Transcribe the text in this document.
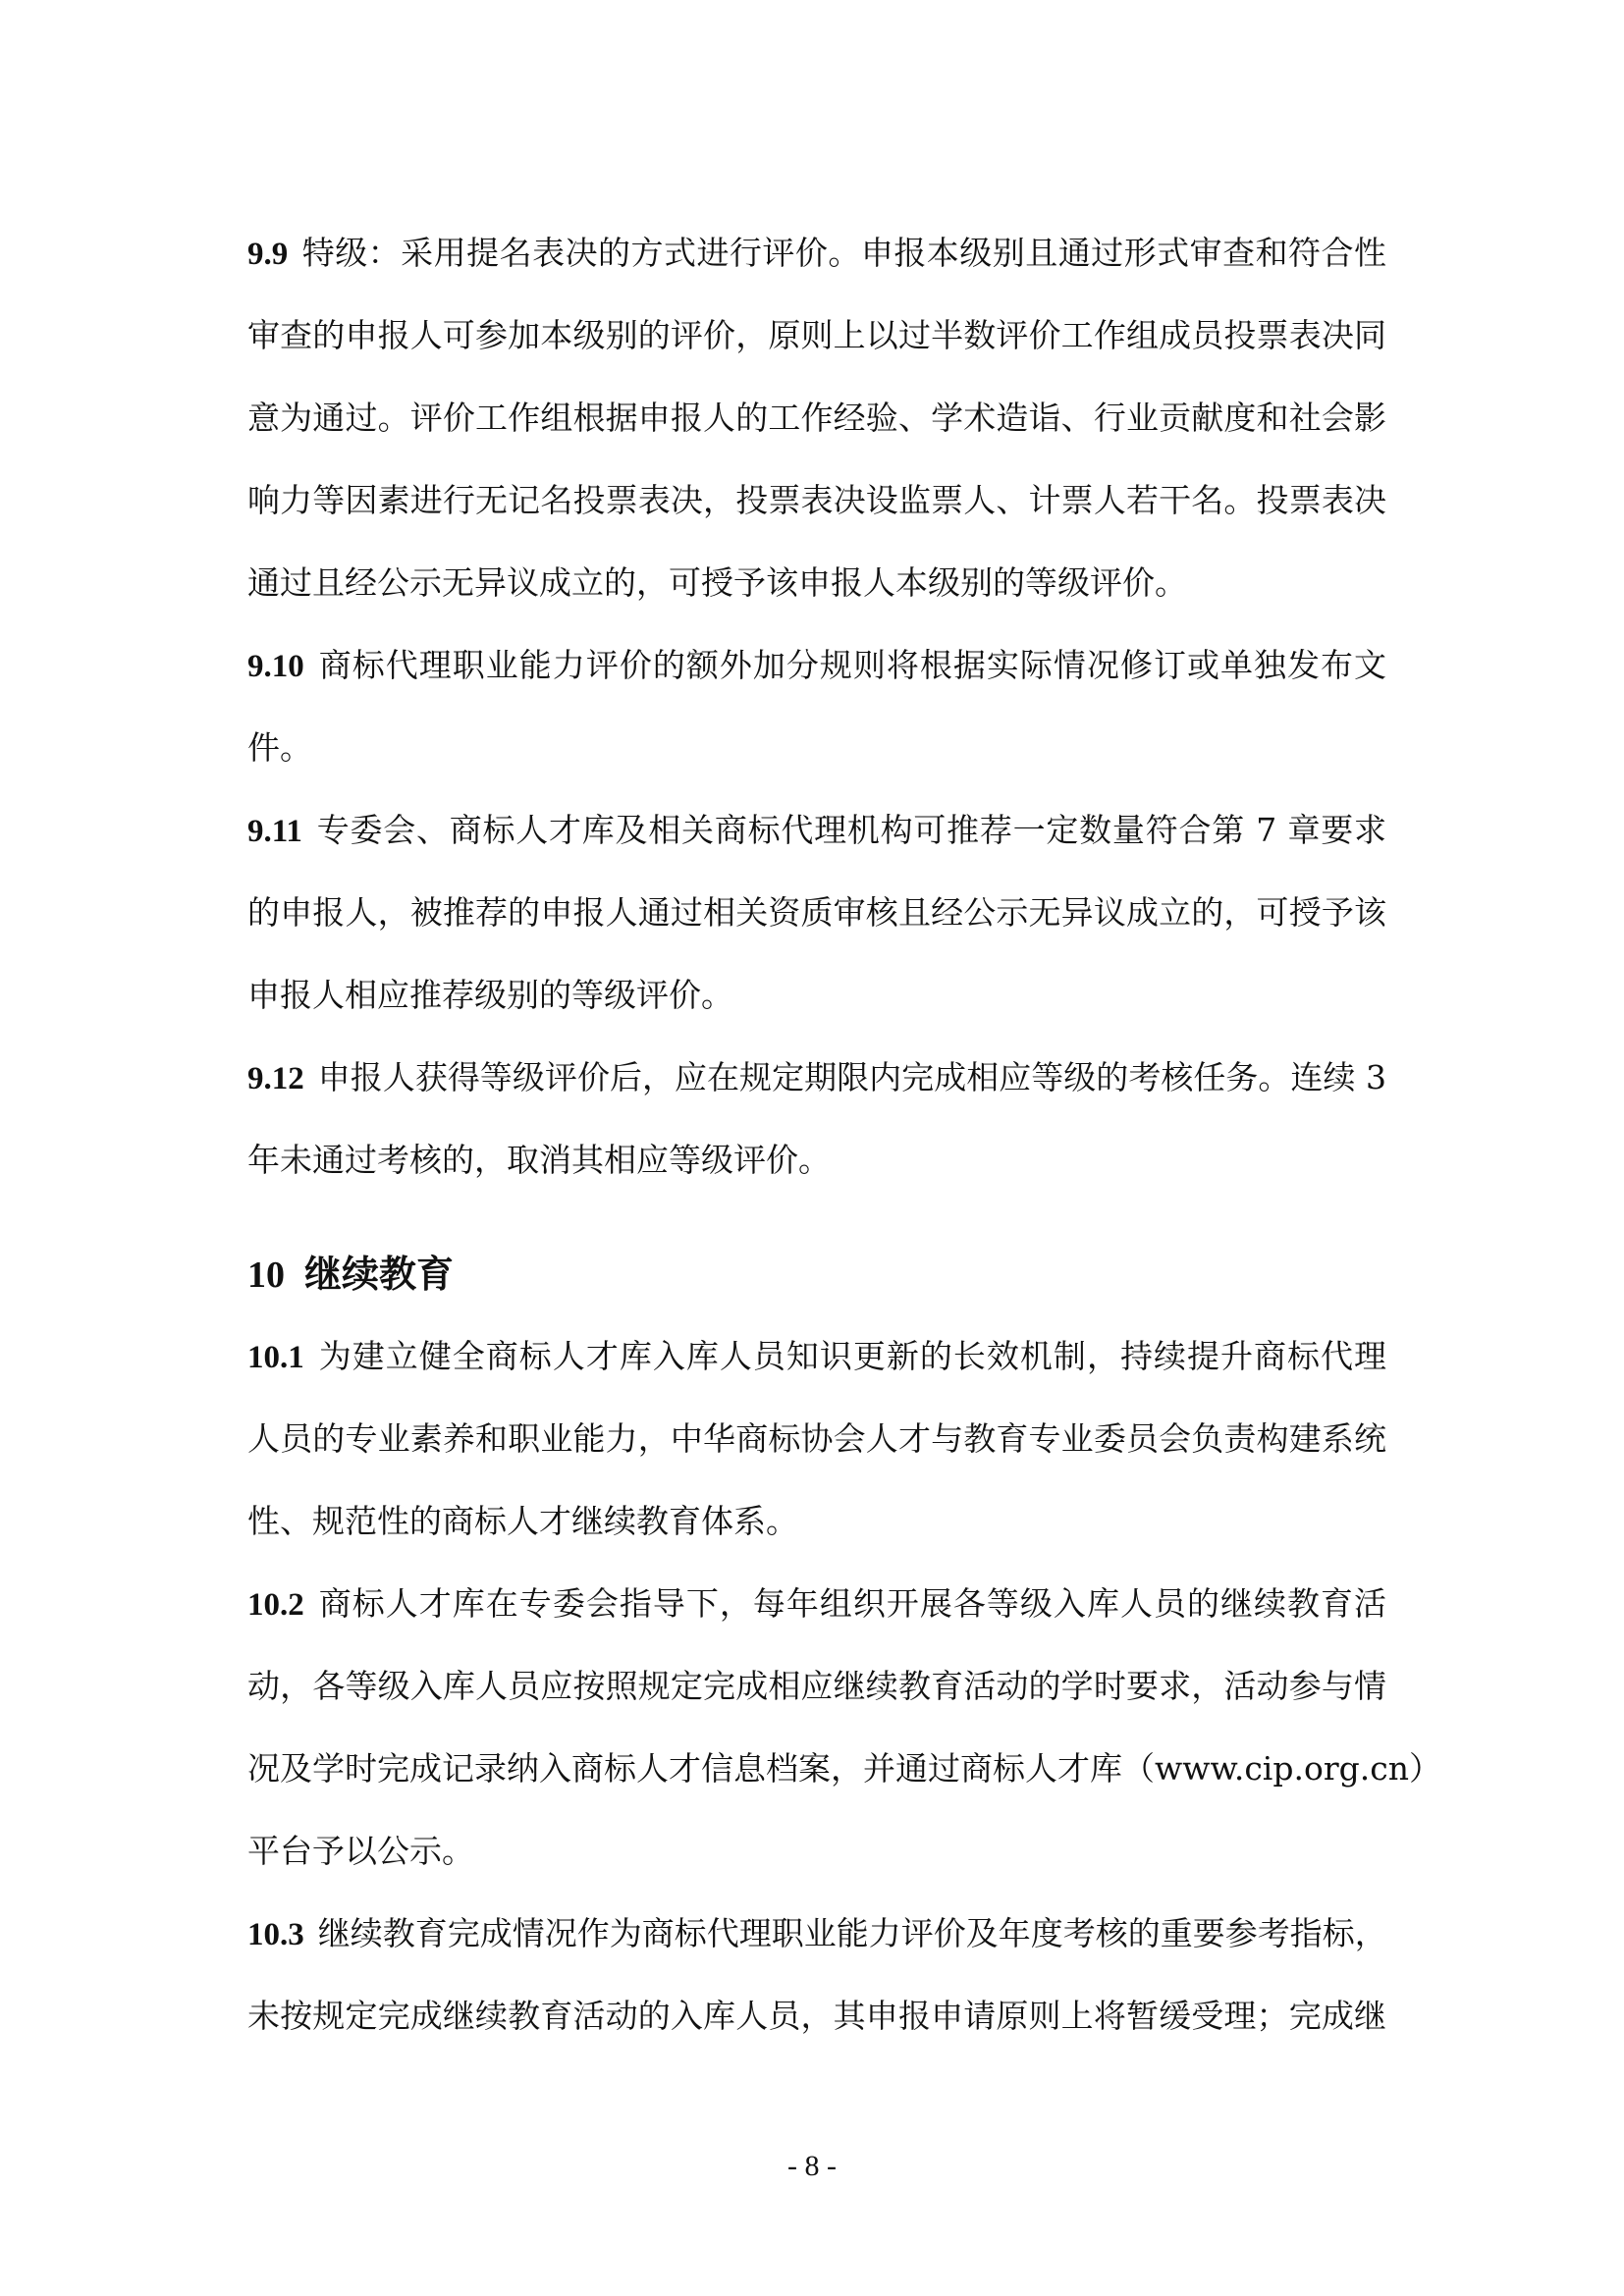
9.9 特级：采用提名表决的方式进行评价。申报本级别且通过形式审查和符合性
审查的申报人可参加本级别的评价，原则上以过半数评价工作组成员投票表决同
意为通过。评价工作组根据申报人的工作经验、学术造诣、行业贡献度和社会影
响力等因素进行无记名投票表决，投票表决设监票人、计票人若干名。投票表决
通过且经公示无异议成立的，可授予该申报人本级别的等级评价。
9.10 商标代理职业能力评价的额外加分规则将根据实际情况修订或单独发布文
件。
9.11 专委会、商标人才库及相关商标代理机构可推荐一定数量符合第 7 章要求
的申报人，被推荐的申报人通过相关资质审核且经公示无异议成立的，可授予该
申报人相应推荐级别的等级评价。
9.12 申报人获得等级评价后，应在规定期限内完成相应等级的考核任务。连续 3
年未通过考核的，取消其相应等级评价。
10 继续教育
10.1 为建立健全商标人才库入库人员知识更新的长效机制，持续提升商标代理
人员的专业素养和职业能力，中华商标协会人才与教育专业委员会负责构建系统
性、规范性的商标人才继续教育体系。
10.2 商标人才库在专委会指导下，每年组织开展各等级入库人员的继续教育活
动，各等级入库人员应按照规定完成相应继续教育活动的学时要求，活动参与情
况及学时完成记录纳入商标人才信息档案，并通过商标人才库（www.cip.org.cn）
平台予以公示。
10.3 继续教育完成情况作为商标代理职业能力评价及年度考核的重要参考指标，
未按规定完成继续教育活动的入库人员，其申报申请原则上将暂缓受理；完成继
- 8 -
